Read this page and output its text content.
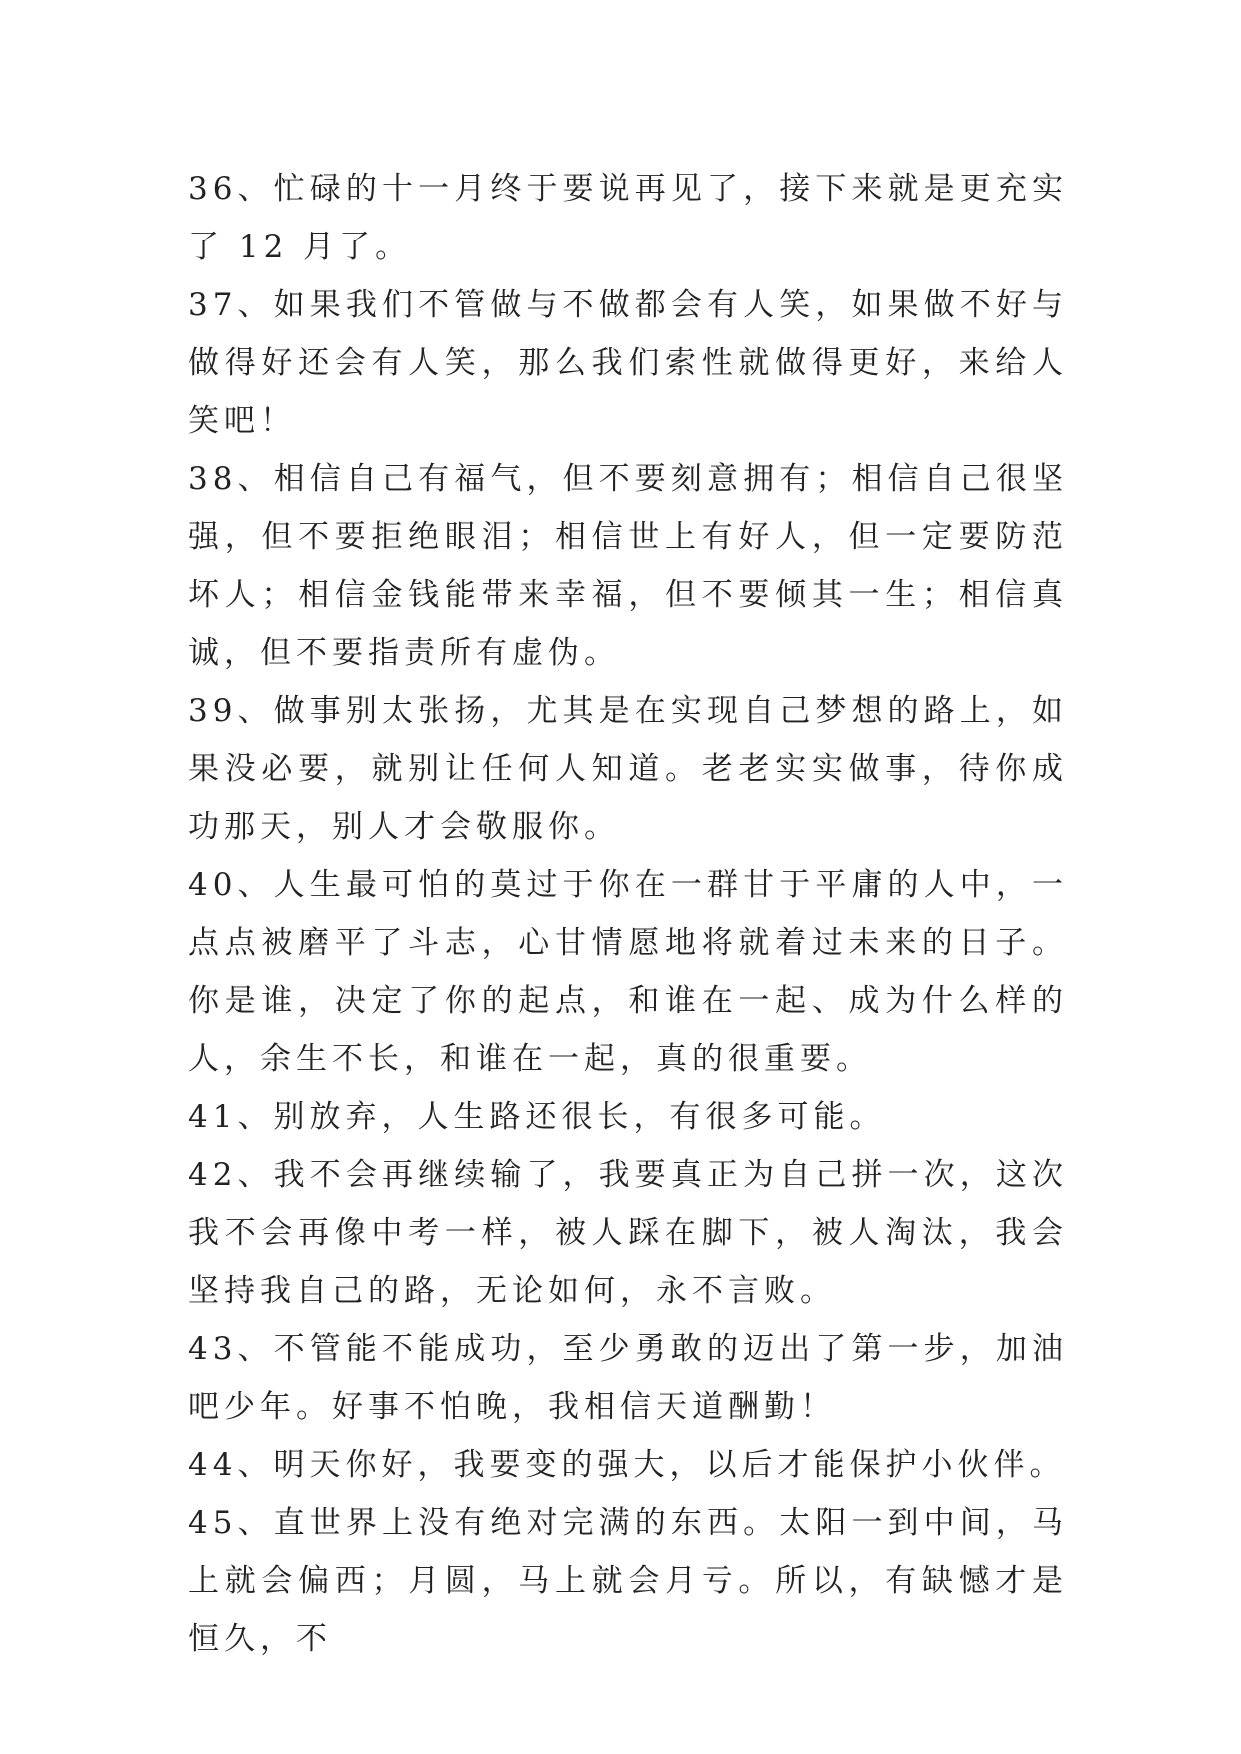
36、忙碌的十一月终于要说再见了，接下来就是更充实了 12 月了。

37、如果我们不管做与不做都会有人笑，如果做不好与做得好还会有人笑，那么我们索性就做得更好，来给人笑吧！

38、相信自己有福气，但不要刻意拥有；相信自己很坚强，但不要拒绝眼泪；相信世上有好人，但一定要防范坏人；相信金钱能带来幸福，但不要倾其一生；相信真诚，但不要指责所有虚伪。

39、做事别太张扬，尤其是在实现自己梦想的路上，如果没必要，就别让任何人知道。老老实实做事，待你成功那天，别人才会敬服你。

40、人生最可怕的莫过于你在一群甘于平庸的人中，一点点被磨平了斗志，心甘情愿地将就着过未来的日子。你是谁，决定了你的起点，和谁在一起、成为什么样的人，余生不长，和谁在一起，真的很重要。

41、别放弃，人生路还很长，有很多可能。

42、我不会再继续输了，我要真正为自己拼一次，这次我不会再像中考一样，被人踩在脚下，被人淘汰，我会坚持我自己的路，无论如何，永不言败。

43、不管能不能成功，至少勇敢的迈出了第一步，加油吧少年。好事不怕晚，我相信天道酬勤！

44、明天你好，我要变的强大，以后才能保护小伙伴。

45、直世界上没有绝对完满的东西。太阳一到中间，马上就会偏西；月圆，马上就会月亏。所以，有缺憾才是恒久，不
